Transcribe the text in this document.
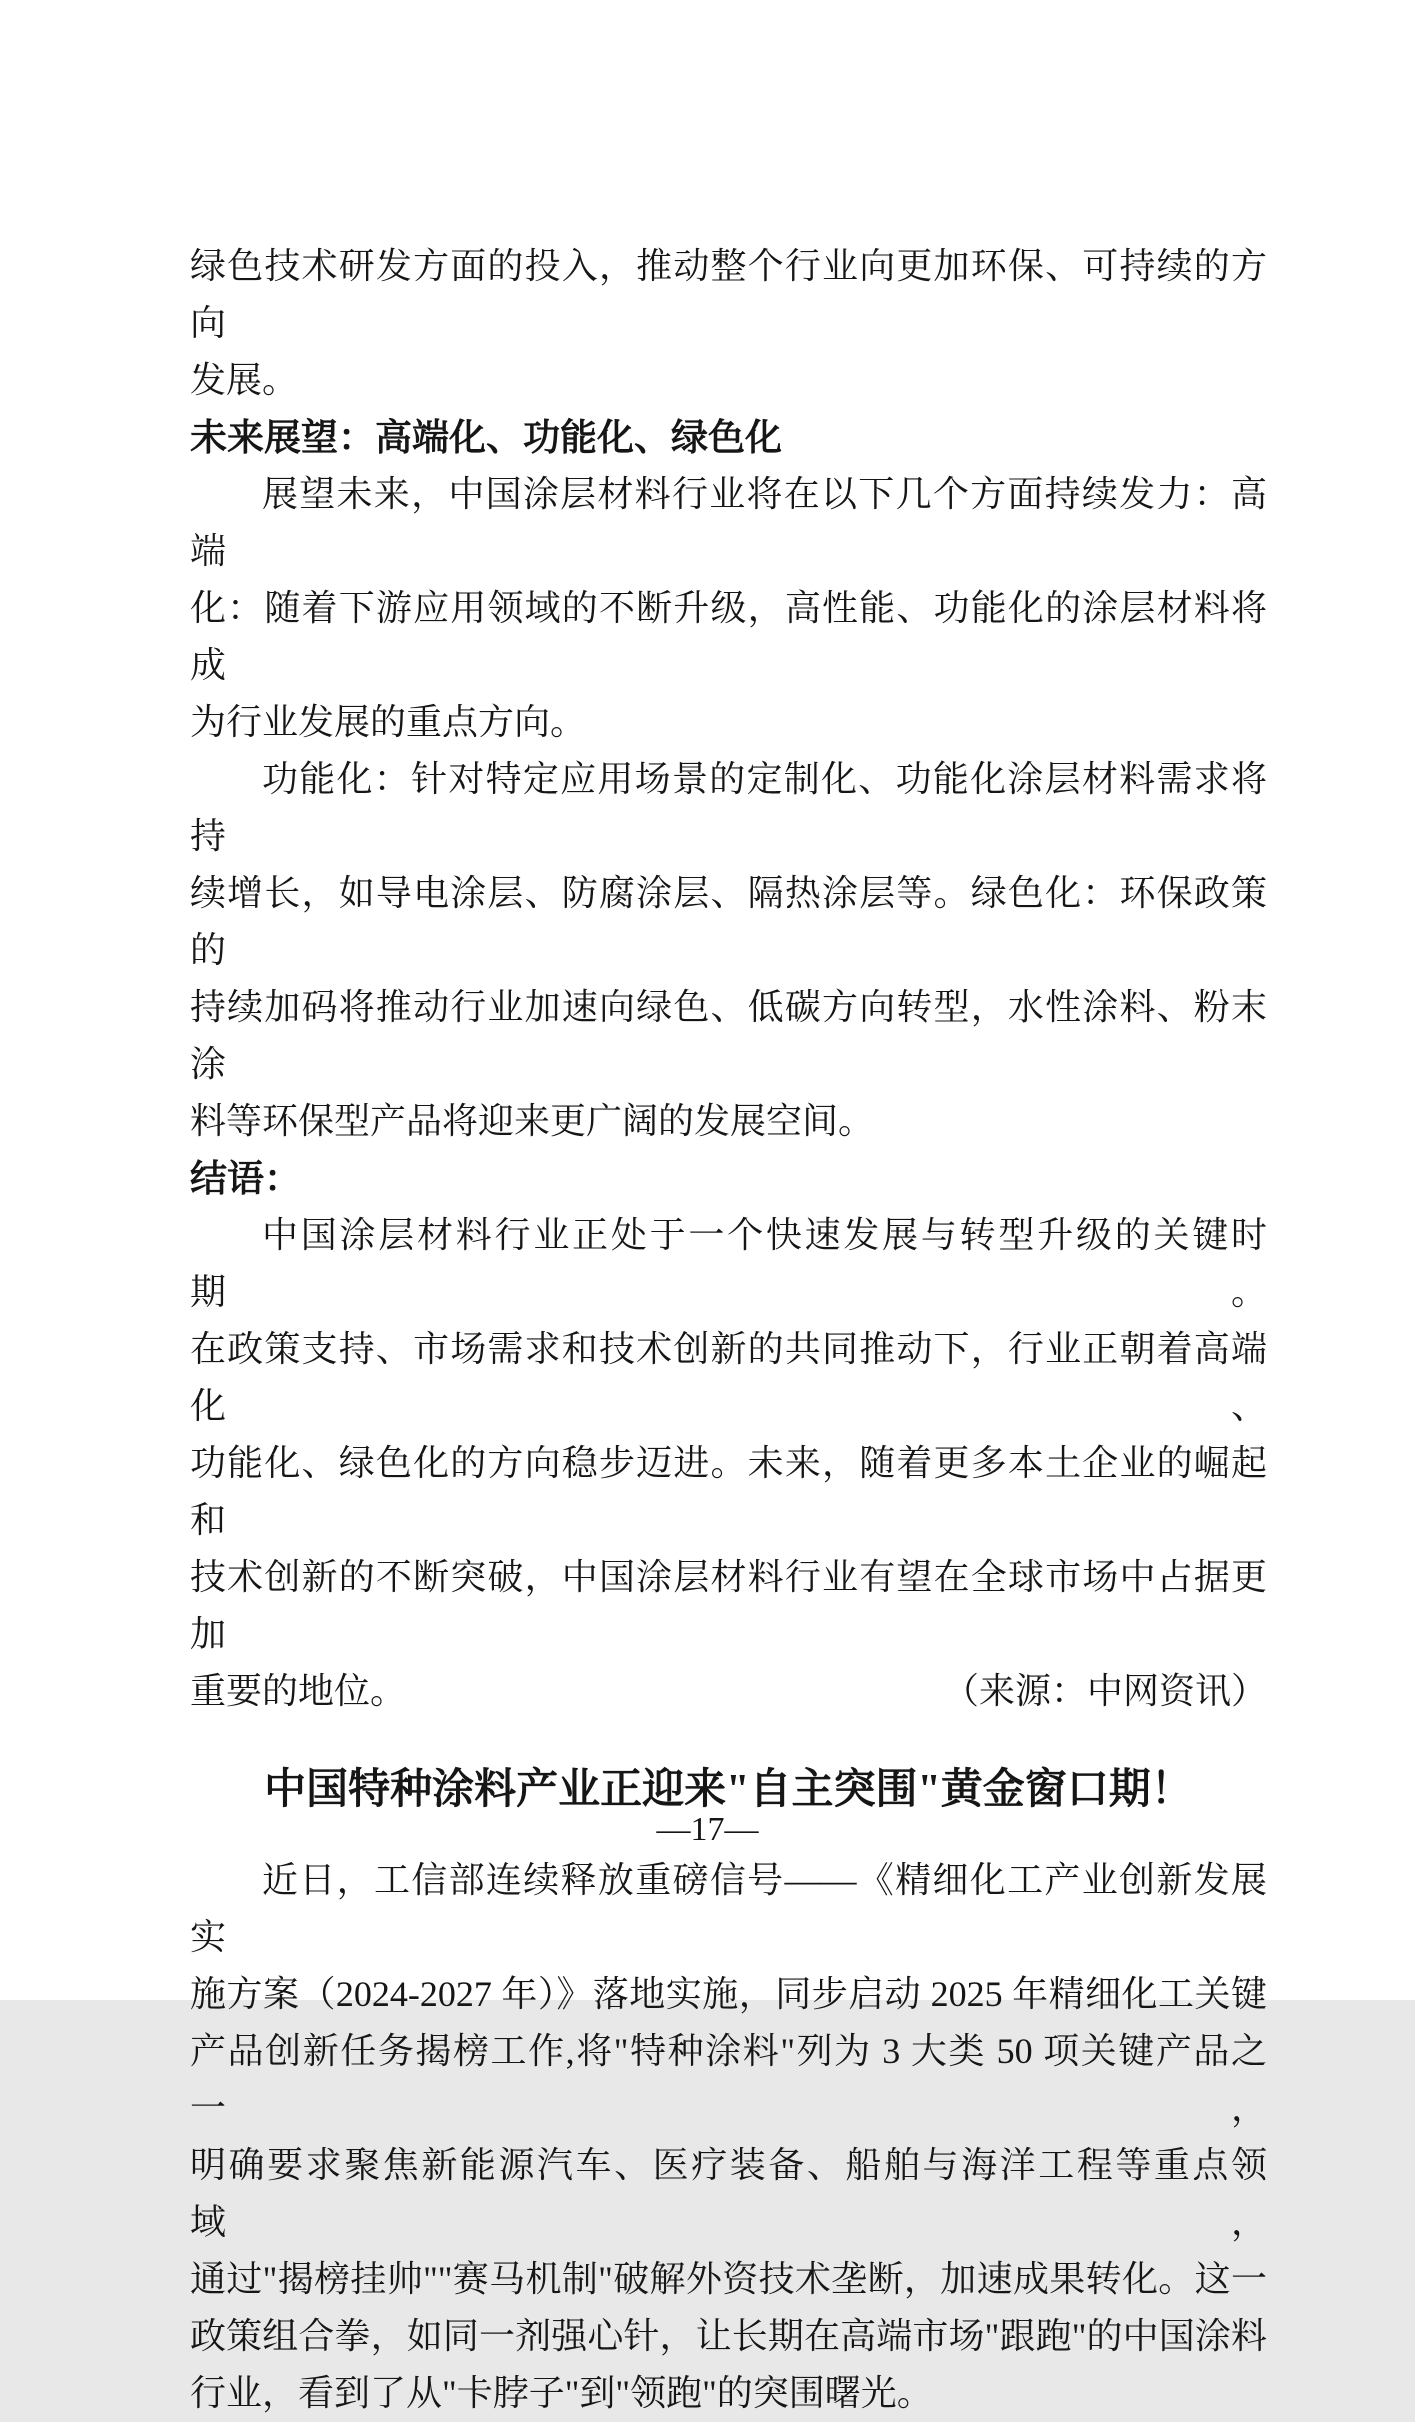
绿色技术研发方面的投入，推动整个行业向更加环保、可持续的方向
发展。
未来展望：高端化、功能化、绿色化
展望未来，中国涂层材料行业将在以下几个方面持续发力：高端
化：随着下游应用领域的不断升级，高性能、功能化的涂层材料将成
为行业发展的重点方向。
功能化：针对特定应用场景的定制化、功能化涂层材料需求将持
续增长，如导电涂层、防腐涂层、隔热涂层等。绿色化：环保政策的
持续加码将推动行业加速向绿色、低碳方向转型，水性涂料、粉末涂
料等环保型产品将迎来更广阔的发展空间。
结语：
中国涂层材料行业正处于一个快速发展与转型升级的关键时期。
在政策支持、市场需求和技术创新的共同推动下，行业正朝着高端化、
功能化、绿色化的方向稳步迈进。未来，随着更多本土企业的崛起和
技术创新的不断突破，中国涂层材料行业有望在全球市场中占据更加
重要的地位。	（来源：中网资讯）
中国特种涂料产业正迎来"自主突围"黄金窗口期！
近日，工信部连续释放重磅信号——《精细化工产业创新发展实
施方案（2024-2027 年）》落地实施，同步启动 2025 年精细化工关键
产品创新任务揭榜工作,将"特种涂料"列为 3 大类 50 项关键产品之一，
明确要求聚焦新能源汽车、医疗装备、船舶与海洋工程等重点领域，
通过"揭榜挂帅""赛马机制"破解外资技术垄断，加速成果转化。这一
政策组合拳，如同一剂强心针，让长期在高端市场"跟跑"的中国涂料
行业，看到了从"卡脖子"到"领跑"的突围曙光。
—17—
